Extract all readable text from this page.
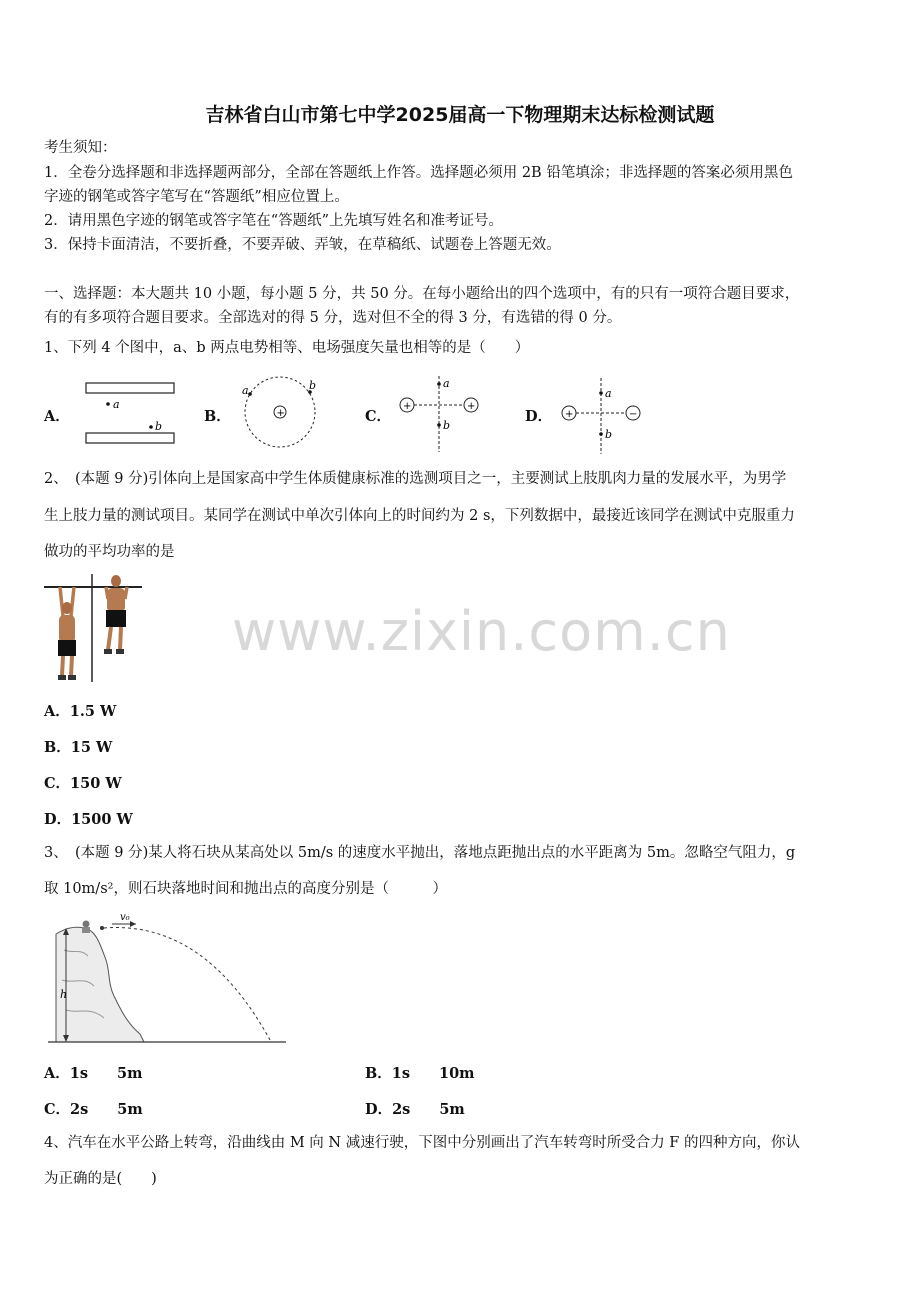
吉林省白山市第七中学2025届高一下物理期末达标检测试题
考生须知：
1．全卷分选择题和非选择题两部分，全部在答题纸上作答。选择题必须用 2B 铅笔填涂；非选择题的答案必须用黑色
字迹的钢笔或答字笔写在“答题纸”相应位置上。
2．请用黑色字迹的钢笔或答字笔在“答题纸”上先填写姓名和准考证号。
3．保持卡面清洁，不要折叠，不要弄破、弄皱，在草稿纸、试题卷上答题无效。
一、选择题：本大题共 10 小题，每小题 5 分，共 50 分。在每小题给出的四个选项中，有的只有一项符合题目要求，
有的有多项符合题目要求。全部选对的得 5 分，选对但不全的得 3 分，有选错的得 0 分。
1、下列 4 个图中，a、b 两点电势相等、电场强度矢量也相等的是（　　）
A．
a
b
B．	+
a	b
C．
+	+
a
b
D． +	−
a
b
2、　(本题 9 分)引体向上是国家高中学生体质健康标准的选测项目之一，主要测试上肢肌肉力量的发展水平，为男学
生上肢力量的测试项目。某同学在测试中单次引体向上的时间约为 2 s，下列数据中，最接近该同学在测试中克服重力
做功的平均功率的是
www.zixin.com.cn
A．1.5 W
B．15 W
C．150 W
D．1500 W
3、　(本题 9 分)某人将石块从某高处以 5m/s 的速度水平抛出，落地点距抛出点的水平距离为 5m。忽略空气阻力，g
取 10m/s²，则石块落地时间和抛出点的高度分别是（　　　）
h
v₀
A．1s　　5m	B．1s　　10m
C．2s　　5m	D．2s　　5m
4、汽车在水平公路上转弯，沿曲线由 M 向 N 减速行驶，下图中分别画出了汽车转弯时所受合力 F 的四种方向，你认
为正确的是(　　)
